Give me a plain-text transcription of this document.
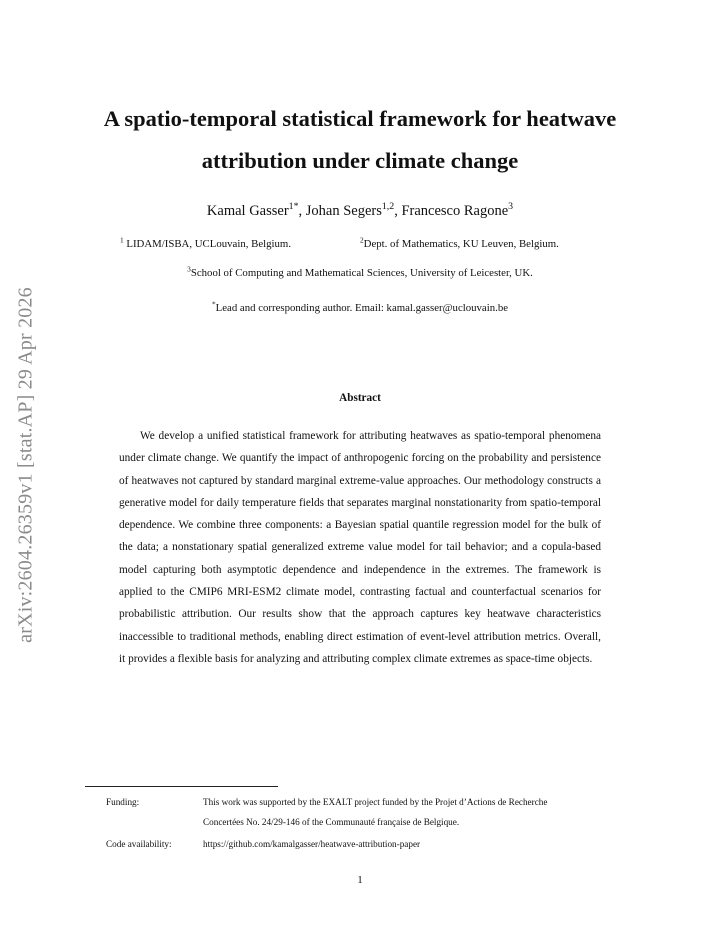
arXiv:2604.26359v1 [stat.AP] 29 Apr 2026
A spatio-temporal statistical framework for heatwave attribution under climate change
Kamal Gasser$^{1*}$, Johan Segers$^{1,2}$, Francesco Ragone$^3$
$^1$ LIDAM/ISBA, UCLouvain, Belgium.	$^2$Dept. of Mathematics, KU Leuven, Belgium.
$^3$School of Computing and Mathematical Sciences, University of Leicester, UK.
*Lead and corresponding author. Email: kamal.gasser@uclouvain.be
Abstract

We develop a unified statistical framework for attributing heatwaves as spatio-temporal phenomena under climate change. We quantify the impact of anthropogenic forcing on the probability and persistence of heatwaves not captured by standard marginal extreme-value approaches. Our methodology constructs a generative model for daily temperature fields that separates marginal nonstationarity from spatio-temporal dependence. We combine three components: a Bayesian spatial quantile regression model for the bulk of the data; a nonstationary spatial generalized extreme value model for tail behavior; and a copula-based model capturing both asymptotic dependence and independence in the extremes. The framework is applied to the CMIP6 MRI-ESM2 climate model, contrasting factual and counterfactual scenarios for probabilistic attribution. Our results show that the approach captures key heatwave characteristics inaccessible to traditional methods, enabling direct estimation of event-level attribution metrics. Overall, it provides a flexible basis for analyzing and attributing complex climate extremes as space-time objects.

Funding:	This work was supported by the EXALT project funded by the Projet d’Actions de Recherche
Concertées No. 24/29-146 of the Communauté française de Belgique.
Code availability:	https://github.com/kamalgasser/heatwave-attribution-paper
1
